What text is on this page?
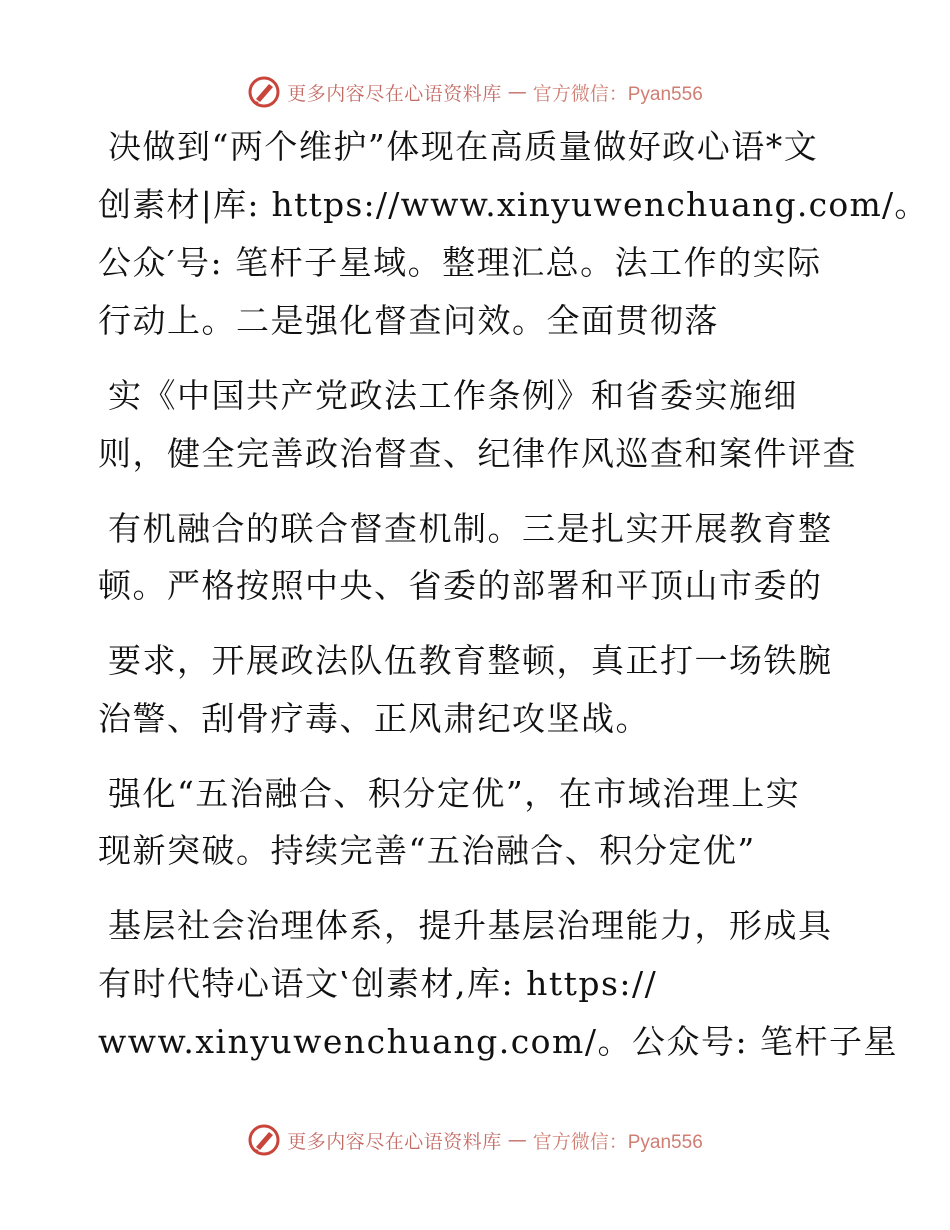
更多内容尽在心语资料库 — 官方微信：Pyan556
决做到“两个维护”体现在高质量做好政心语*文
创素材|库: https://www.xinyuwenchuang.com/。
公众′号: 笔杆子星域。整理汇总。法工作的实际
行动上。二是强化督查问效。全面贯彻落
实《中国共产党政法工作条例》和省委实施细
则，健全完善政治督查、纪律作风巡查和案件评查
有机融合的联合督查机制。三是扎实开展教育整
顿。严格按照中央、省委的部署和平顶山市委的
要求，开展政法队伍教育整顿，真正打一场铁腕
治警、刮骨疗毒、正风肃纪攻坚战。
强化“五治融合、积分定优”，在市域治理上实
现新突破。持续完善“五治融合、积分定优”
基层社会治理体系，提升基层治理能力，形成具
有时代特心语文‛创素材,库: https://
www.xinyuwenchuang.com/。公众号: 笔杆子星
更多内容尽在心语资料库 — 官方微信：Pyan556
